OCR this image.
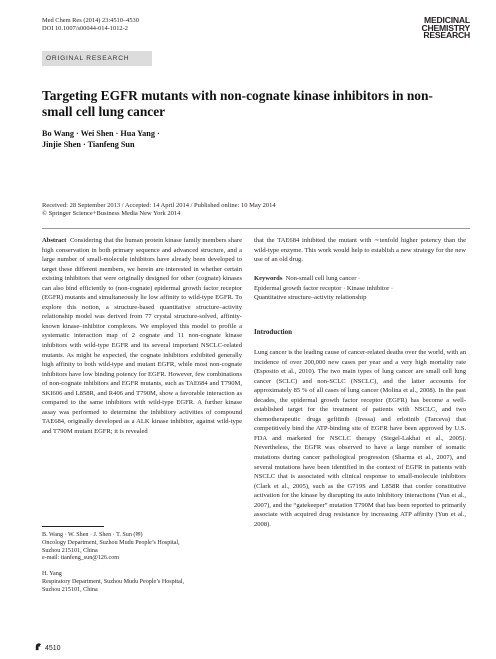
Med Chem Res (2014) 23:4510–4530
DOI 10.1007/s00044-014-1012-2
MEDICINAL
CHEMISTRY
RESEARCH
ORIGINAL RESEARCH
Targeting EGFR mutants with non-cognate kinase inhibitors in non-small cell lung cancer
Bo Wang · Wei Shen · Hua Yang ·
Jinjie Shen · Tianfeng Sun
Received: 28 September 2013 / Accepted: 14 April 2014 / Published online: 10 May 2014
© Springer Science+Business Media New York 2014

Abstract Considering that the human protein kinase family members share high conservation in both primary sequence and advanced structure, and a large number of small-molecule inhibitors have already been developed to target these different members, we herein are interested in whether certain existing inhibitors that were originally designed for other (cognate) kinases can also bind efficiently to (non-cognate) epidermal growth factor receptor (EGFR) mutants and simultaneously lie low affinity to wild-type EGFR. To explore this notion, a structure-based quantitative structure–activity relationship model was derived from 77 crystal structure-solved, affinity-known kinase–inhibitor complexes. We employed this model to profile a systematic interaction map of 2 cognate and 11 non-cognate kinase inhibitors with wild-type EGFR and its several important NSCLC-related mutants. As might be expected, the cognate inhibitors exhibited generally high affinity to both wild-type and mutant EGFR, while most non-cognate inhibitors have low binding potency for EGFR. However, few combinations of non-cognate inhibitors and EGFR mutants, such as TAE684 and T790M, SKI606 and L858R, and R406 and T790M, show a favorable interaction as compared to the same inhibitors with wild-type EGFR. A further kinase assay was performed to determine the inhibitory activities of compound TAE684, originally developed as a ALK kinase inhibitor, against wild-type and T790M mutant EGFR; it is revealed

B. Wang · W. Shen · J. Shen · T. Sun (✉)
Oncology Department, Suzhou Mudu People’s Hospital,
Suzhou 215101, China
e-mail: tianfeng_sun@126.com
H. Yang
Respiratory Department, Suzhou Mudu People’s Hospital,
Suzhou 215101, China
that the TAE684 inhibited the mutant with ∼tenfold higher potency than the wild-type enzyme. This work would help to establish a new strategy for the new use of an old drug.
Keywords Non-small cell lung cancer ·
Epidermal growth factor receptor · Kinase inhibitor ·
Quantitative structure–activity relationship
Introduction
Lung cancer is the leading cause of cancer-related deaths over the world, with an incidence of over 200,000 new cases per year and a very high mortality rate (Esposito et al., 2010). The two main types of lung cancer are small cell lung cancer (SCLC) and non-SCLC (NSCLC), and the latter accounts for approximately 85 % of all cases of lung cancer (Molina et al., 2008). In the past decades, the epidermal growth factor receptor (EGFR) has become a well-established target for the treatment of patients with NSCLC, and two chemotherapeutic drugs gefitinib (Iressa) and erlotinib (Tarceva) that competitively bind the ATP-binding site of EGFR have been approved by U.S. FDA and marketed for NSCLC therapy (Siegel-Lakhai et al., 2005). Nevertheless, the EGFR was observed to have a large number of somatic mutations during cancer pathological progression (Sharma et al., 2007), and several mutations have been identified in the context of EGFR in patients with NSCLC that is associated with clinical response to small-molecule inhibitors (Clark et al., 2005), such as the G719S and L858R that confer constitutive activation for the kinase by disrupting its auto inhibitory interactions (Yun et al., 2007), and the “gatekeeper” mutation T790M that has been reported to primarily associate with acquired drug resistance by increasing ATP affinity (Yun et al., 2008).
4510
